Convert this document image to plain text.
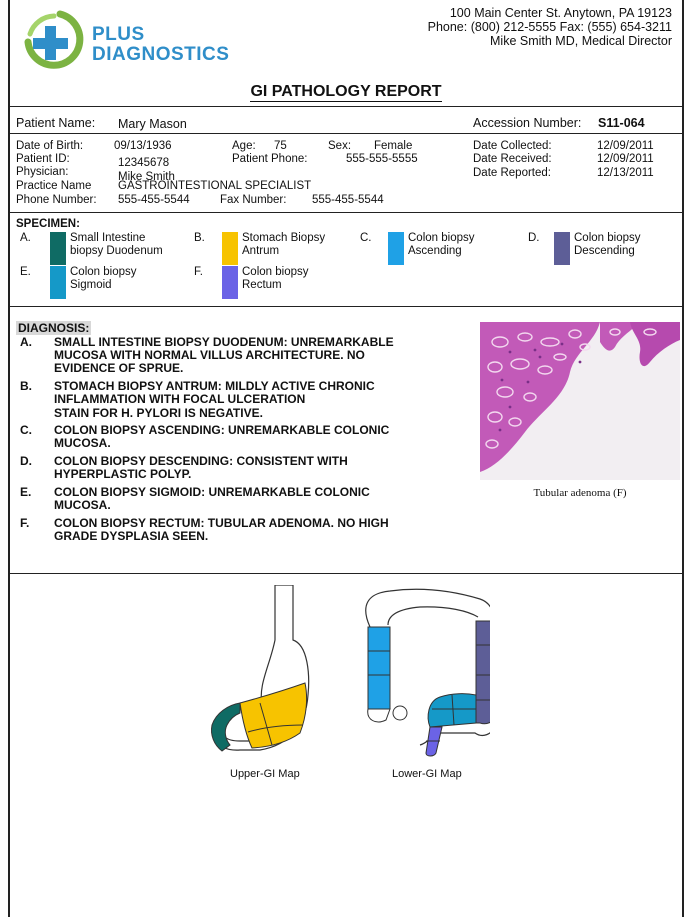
PLUS
DIAGNOSTICS
100 Main Center St. Anytown, PA 19123
Phone: (800) 212-5555 Fax: (555) 654-3211
Mike Smith MD, Medical Director
GI PATHOLOGY REPORT
Patient Name: Mary Mason	Accession Number: S11-064
Date of Birth:	09/13/1936	Age: 75	Sex: Female	Date Collected:	12/09/2011
Patient ID:	12345678	Patient Phone:	555-555-5555	Date Received:	12/09/2011
Physician:	Mike Smith	Date Reported:	12/13/2011
Practice Name GASTROINTESTIONAL SPECIALIST
Phone Number: 555-455-5544	Fax Number: 555-455-5544
SPECIMEN:
A.	Small Intestine
biopsy Duodenum
B.	Stomach Biopsy
Antrum
C.	Colon biopsy
Ascending
D.	Colon biopsy
Descending
E.	Colon biopsy
Sigmoid
F.	Colon biopsy
Rectum
DIAGNOSIS:
A. SMALL INTESTINE BIOPSY DUODENUM: UNREMARKABLE
MUCOSA WITH NORMAL VILLUS ARCHITECTURE. NO
EVIDENCE OF SPRUE.
B. STOMACH BIOPSY ANTRUM: MILDLY ACTIVE CHRONIC
INFLAMMATION WITH FOCAL ULCERATION
STAIN FOR H. PYLORI IS NEGATIVE.
C. COLON BIOPSY ASCENDING: UNREMARKABLE COLONIC
MUCOSA.
D. COLON BIOPSY DESCENDING: CONSISTENT WITH
HYPERPLASTIC POLYP.
E. COLON BIOPSY SIGMOID: UNREMARKABLE COLONIC
MUCOSA.
F. COLON BIOPSY RECTUM: TUBULAR ADENOMA. NO HIGH
GRADE DYSPLASIA SEEN.
Tubular adenoma (F)
Upper-GI Map	Lower-GI Map
